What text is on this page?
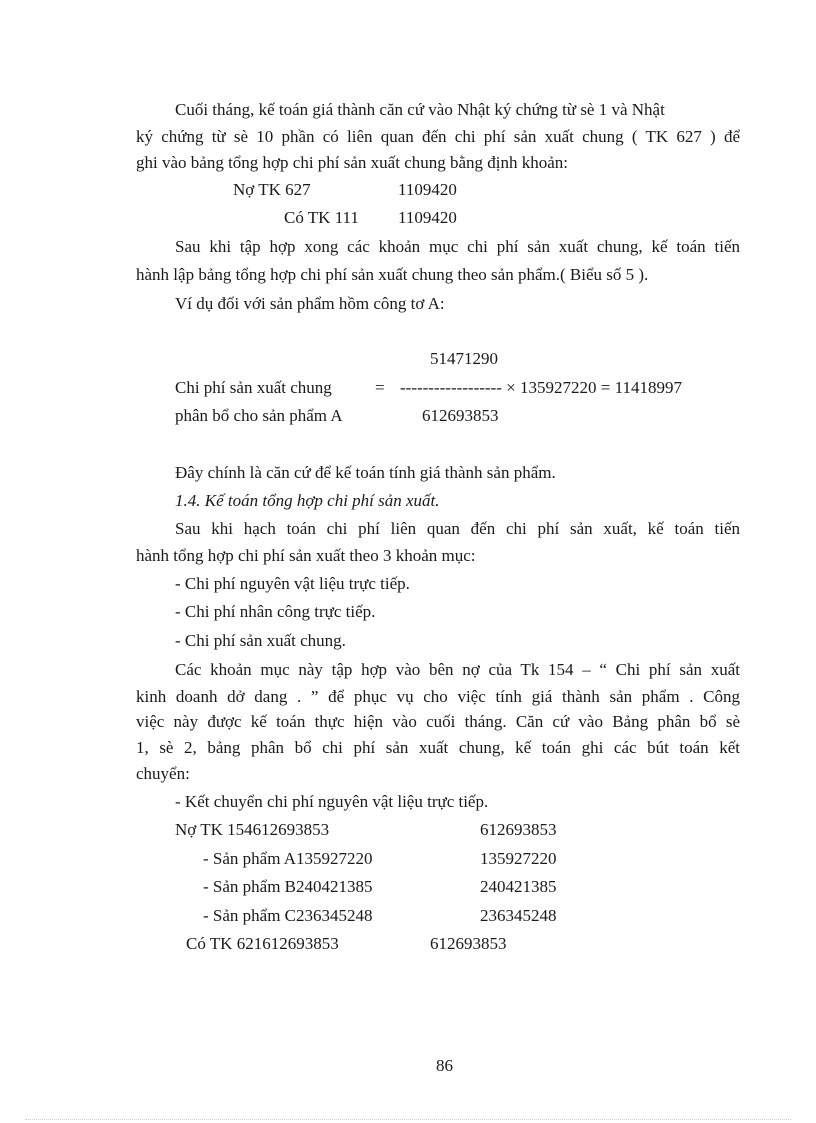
Cuối tháng, kế toán giá thành căn cứ vào Nhật ký chứng từ sè 1 và Nhật
ký chứng từ sè 10 phần có liên quan đến chi phí sản xuất chung ( TK 627 ) để
ghi vào bảng tổng hợp chi phí sản xuất chung bằng định khoản:
Nợ TK 627	1109420
Có TK 111 1109420
Sau khi tập hợp xong các khoản mục chi phí sản xuất chung, kế toán tiến
hành lập bảng tổng hợp chi phí sản xuất chung theo sản phẩm.( Biểu số 5 ).
Ví dụ đối với sản phẩm hồm công tơ A:
51471290
Chi phí sản xuất chung	= ------------------ × 135927220 = 11418997
phân bổ cho sản phẩm A	612693853
Đây chính là căn cứ để kế toán tính giá thành sản phẩm.
1.4. Kế toán tổng hợp chi phí sản xuất.
Sau khi hạch toán chi phí liên quan đến chi phí sản xuất, kế toán tiến
hành tổng hợp chi phí sản xuất theo 3 khoản mục:
- Chi phí nguyên vật liệu trực tiếp.
- Chi phí nhân công trực tiếp.
- Chi phí sản xuất chung.
Các khoản mục này tập hợp vào bên nợ của Tk 154 – “ Chi phí sản xuất
kinh doanh dở dang . ” để phục vụ cho việc tính giá thành sản phẩm . Công
việc này được kế toán thực hiện vào cuối tháng. Căn cứ vào Bảng phân bổ sè
1, sè 2, bảng phân bổ chi phí sản xuất chung, kế toán ghi các bút toán kết
chuyển:
- Kết chuyển chi phí nguyên vật liệu trực tiếp.
Nợ TK 154612693853	612693853
- Sản phẩm A135927220	135927220
- Sản phẩm B240421385	240421385
- Sản phẩm C236345248	236345248
Có TK 621612693853	612693853
86
